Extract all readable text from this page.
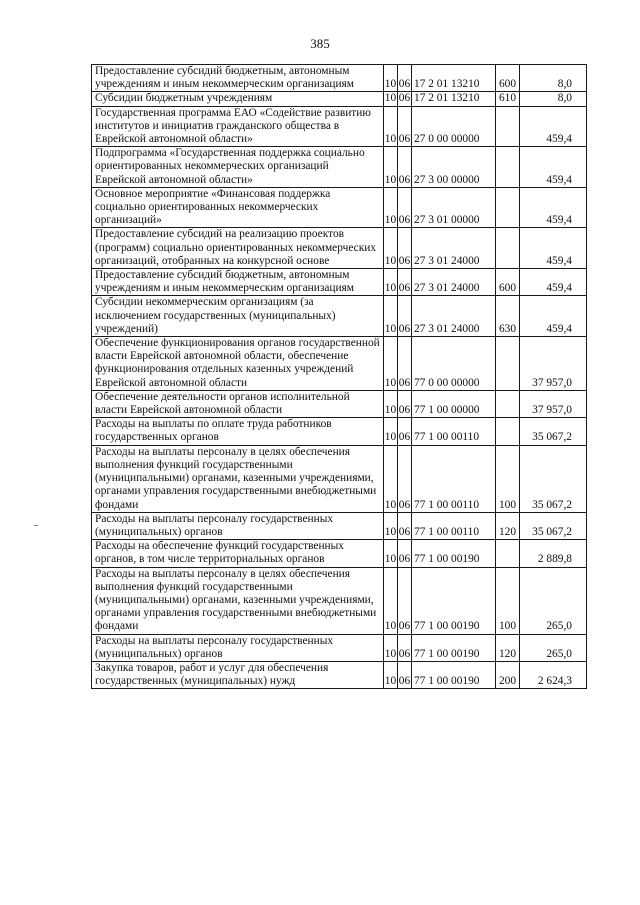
385
Предоставление субсидий бюджетным, автономным учреждениям и иным некоммерческим организациям	10	06	17 2 01 13210	600	8,0
Субсидии бюджетным учреждениям	10	06	17 2 01 13210	610	8,0
Государственная программа ЕАО «Содействие развитию институтов и инициатив гражданского общества в Еврейской автономной области»	10	06	27 0 00 00000		459,4
Подпрограмма «Государственная поддержка социально ориентированных некоммерческих организаций Еврейской автономной области»	10	06	27 3 00 00000		459,4
Основное мероприятие «Финансовая поддержка социально ориентированных некоммерческих организаций»	10	06	27 3 01 00000		459,4
Предоставление субсидий на реализацию проектов (программ) социально ориентированных некоммерческих организаций, отобранных на конкурсной основе	10	06	27 3 01 24000		459,4
Предоставление субсидий бюджетным, автономным учреждениям и иным некоммерческим организациям	10	06	27 3 01 24000	600	459,4
Субсидии некоммерческим организациям (за исключением государственных (муниципальных) учреждений)	10	06	27 3 01 24000	630	459,4
Обеспечение функционирования органов государственной власти Еврейской автономной области, обеспечение функционирования отдельных казенных учреждений Еврейской автономной области	10	06	77 0 00 00000		37 957,0
Обеспечение деятельности органов исполнительной власти Еврейской автономной области	10	06	77 1 00 00000		37 957,0
Расходы на выплаты по оплате труда работников государственных органов	10	06	77 1 00 00110		35 067,2
Расходы на выплаты персоналу в целях обеспечения выполнения функций государственными (муниципальными) органами, казенными учреждениями, органами управления государственными внебюджетными фондами	10	06	77 1 00 00110	100	35 067,2
Расходы на выплаты персоналу государственных (муниципальных) органов	10	06	77 1 00 00110	120	35 067,2
Расходы на обеспечение функций государственных органов, в том числе территориальных органов	10	06	77 1 00 00190		2 889,8
Расходы на выплаты персоналу в целях обеспечения выполнения функций государственными (муниципальными) органами, казенными учреждениями, органами управления государственными внебюджетными фондами	10	06	77 1 00 00190	100	265,0
Расходы на выплаты персоналу государственных (муниципальных) органов	10	06	77 1 00 00190	120	265,0
Закупка товаров, работ и услуг для обеспечения государственных (муниципальных) нужд	10	06	77 1 00 00190	200	2 624,3
